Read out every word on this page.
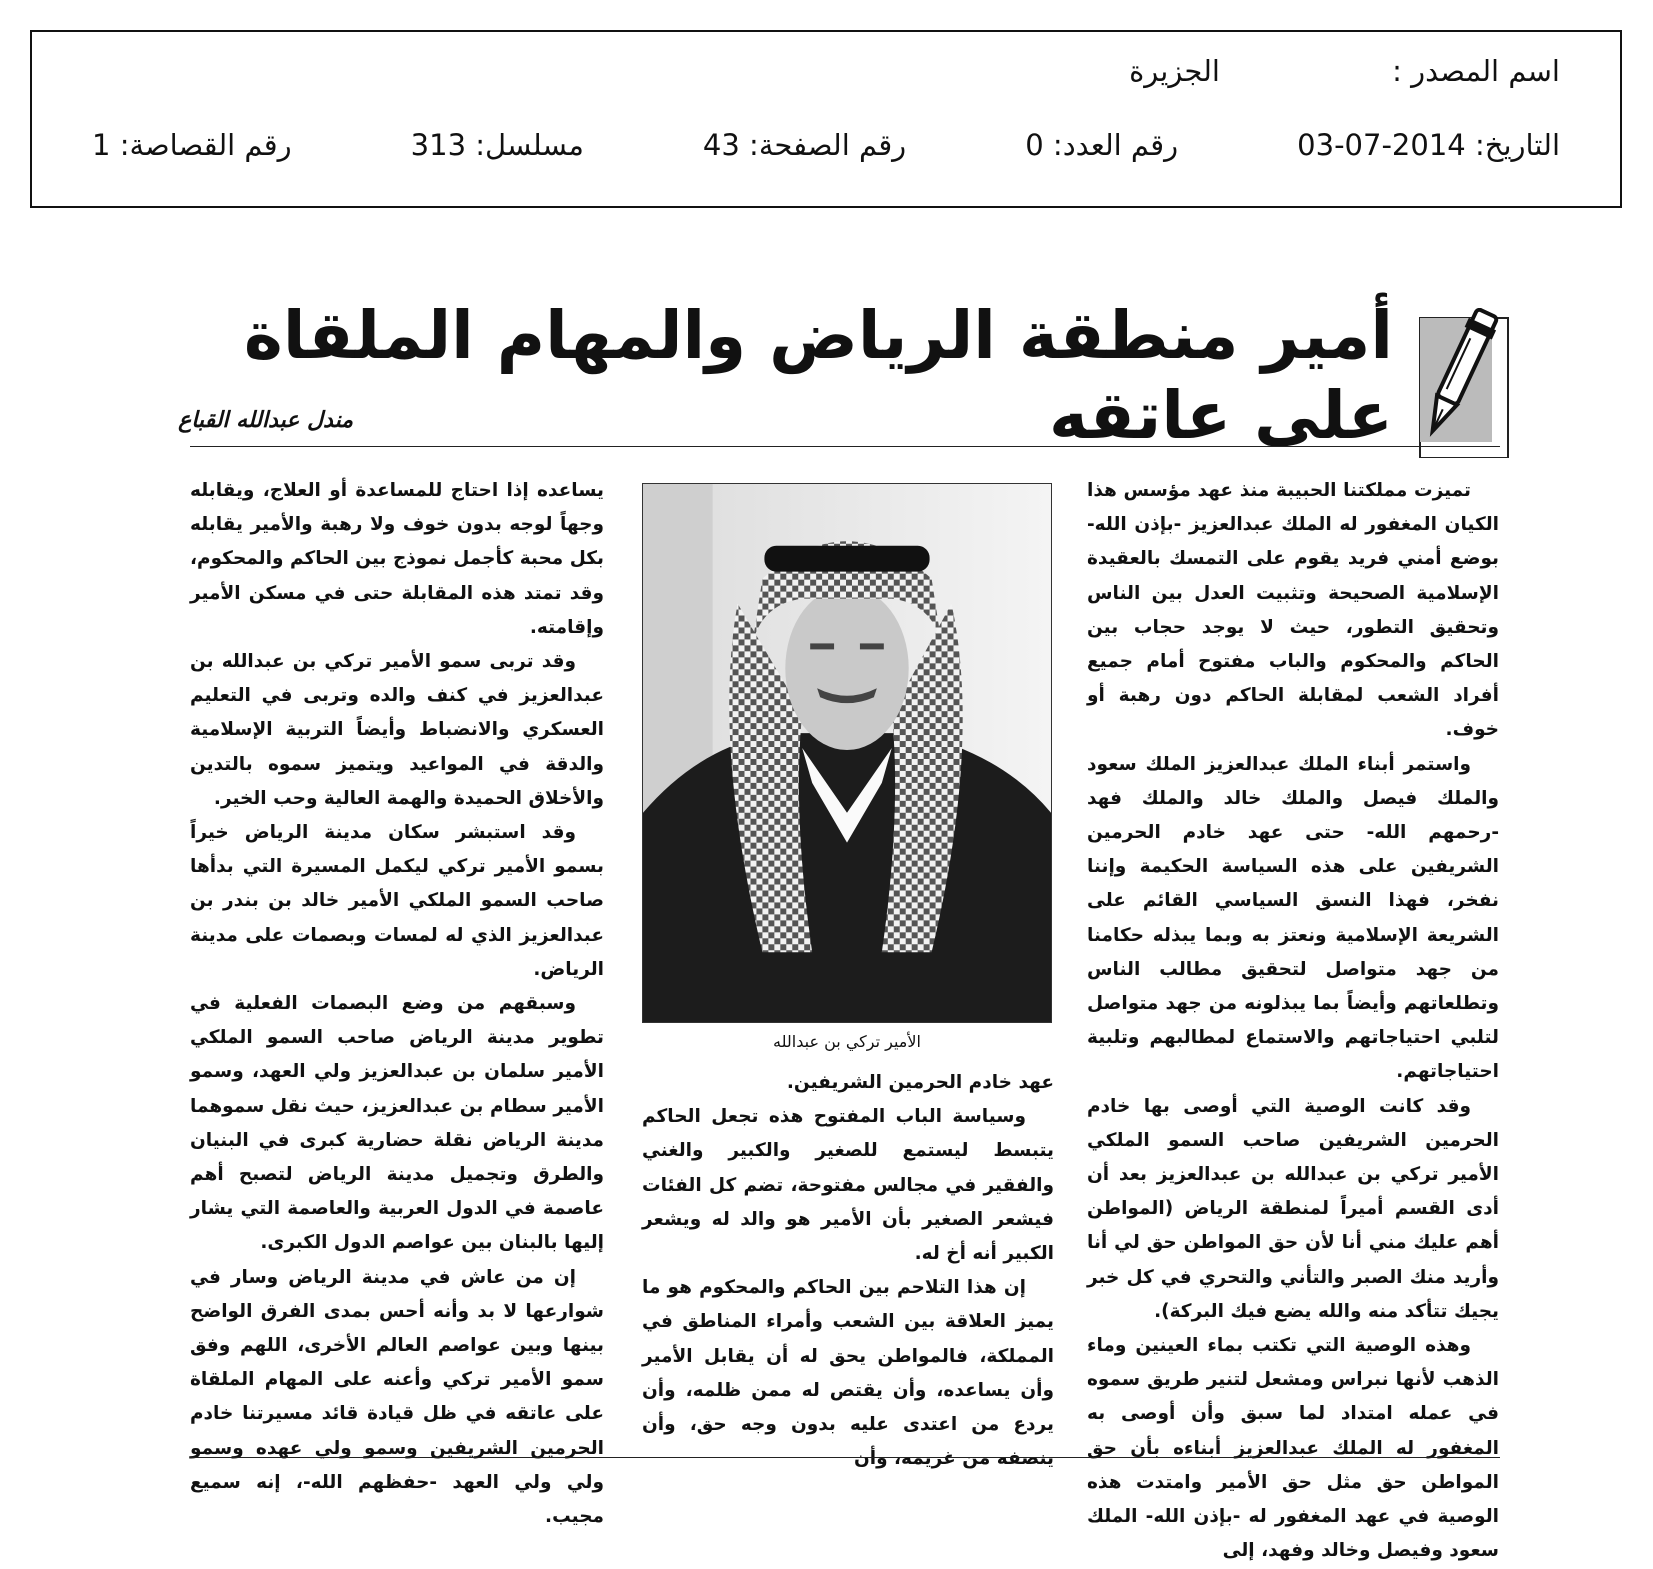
اسم المصدر :
الجزيرة
التاريخ: 2014-07-03
رقم العدد: 0
رقم الصفحة: 43
مسلسل: 313
رقم القصاصة: 1
أمير منطقة الرياض والمهام الملقاة على عاتقه
مندل عبدالله القباع

تميزت مملكتنا الحبيبة منذ عهد مؤسس هذا الكيان المغفور له الملك عبدالعزيز -بإذن الله- بوضع أمني فريد يقوم على التمسك بالعقيدة الإسلامية الصحيحة وتثبيت العدل بين الناس وتحقيق التطور، حيث لا يوجد حجاب بين الحاكم والمحكوم والباب مفتوح أمام جميع أفراد الشعب لمقابلة الحاكم دون رهبة أو خوف.

واستمر أبناء الملك عبدالعزيز الملك سعود والملك فيصل والملك خالد والملك فهد -رحمهم الله- حتى عهد خادم الحرمين الشريفين على هذه السياسة الحكيمة وإننا نفخر، فهذا النسق السياسي القائم على الشريعة الإسلامية ونعتز به وبما يبذله حكامنا من جهد متواصل لتحقيق مطالب الناس وتطلعاتهم وأيضاً بما يبذلونه من جهد متواصل لتلبي احتياجاتهم والاستماع لمطالبهم وتلبية احتياجاتهم.

وقد كانت الوصية التي أوصى بها خادم الحرمين الشريفين صاحب السمو الملكي الأمير تركي بن عبدالله بن عبدالعزيز بعد أن أدى القسم أميراً لمنطقة الرياض (المواطن أهم عليك مني أنا لأن حق المواطن حق لي أنا وأريد منك الصبر والتأني والتحري في كل خبر يجيك تتأكد منه والله يضع فيك البركة).

وهذه الوصية التي تكتب بماء العينين وماء الذهب لأنها نبراس ومشعل لتنير طريق سموه في عمله امتداد لما سبق وأن أوصى به المغفور له الملك عبدالعزيز أبناءه بأن حق المواطن حق مثل حق الأمير وامتدت هذه الوصية في عهد المغفور له -بإذن الله- الملك سعود وفيصل وخالد وفهد، إلى

الأمير تركي بن عبدالله

عهد خادم الحرمين الشريفين.

وسياسة الباب المفتوح هذه تجعل الحاكم يتبسط ليستمع للصغير والكبير والغني والفقير في مجالس مفتوحة، تضم كل الفئات فيشعر الصغير بأن الأمير هو والد له ويشعر الكبير أنه أخ له.

إن هذا التلاحم بين الحاكم والمحكوم هو ما يميز العلاقة بين الشعب وأمراء المناطق في المملكة، فالمواطن يحق له أن يقابل الأمير وأن يساعده، وأن يقتص له ممن ظلمه، وأن يردع من اعتدى عليه بدون وجه حق، وأن ينصفه من غريمه، وأن

يساعده إذا احتاج للمساعدة أو العلاج، ويقابله وجهاً لوجه بدون خوف ولا رهبة والأمير يقابله بكل محبة كأجمل نموذج بين الحاكم والمحكوم، وقد تمتد هذه المقابلة حتى في مسكن الأمير وإقامته.

وقد تربى سمو الأمير تركي بن عبدالله بن عبدالعزيز في كنف والده وتربى في التعليم العسكري والانضباط وأيضاً التربية الإسلامية والدقة في المواعيد ويتميز سموه بالتدين والأخلاق الحميدة والهمة العالية وحب الخير.

وقد استبشر سكان مدينة الرياض خيراً بسمو الأمير تركي ليكمل المسيرة التي بدأها صاحب السمو الملكي الأمير خالد بن بندر بن عبدالعزيز الذي له لمسات وبصمات على مدينة الرياض.

وسبقهم من وضع البصمات الفعلية في تطوير مدينة الرياض صاحب السمو الملكي الأمير سلمان بن عبدالعزيز ولي العهد، وسمو الأمير سطام بن عبدالعزيز، حيث نقل سموهما مدينة الرياض نقلة حضارية كبرى في البنيان والطرق وتجميل مدينة الرياض لتصبح أهم عاصمة في الدول العربية والعاصمة التي يشار إليها بالبنان بين عواصم الدول الكبرى.

إن من عاش في مدينة الرياض وسار في شوارعها لا بد وأنه أحس بمدى الفرق الواضح بينها وبين عواصم العالم الأخرى، اللهم وفق سمو الأمير تركي وأعنه على المهام الملقاة على عاتقه في ظل قيادة قائد مسيرتنا خادم الحرمين الشريفين وسمو ولي عهده وسمو ولي ولي العهد -حفظهم الله-، إنه سميع مجيب.
